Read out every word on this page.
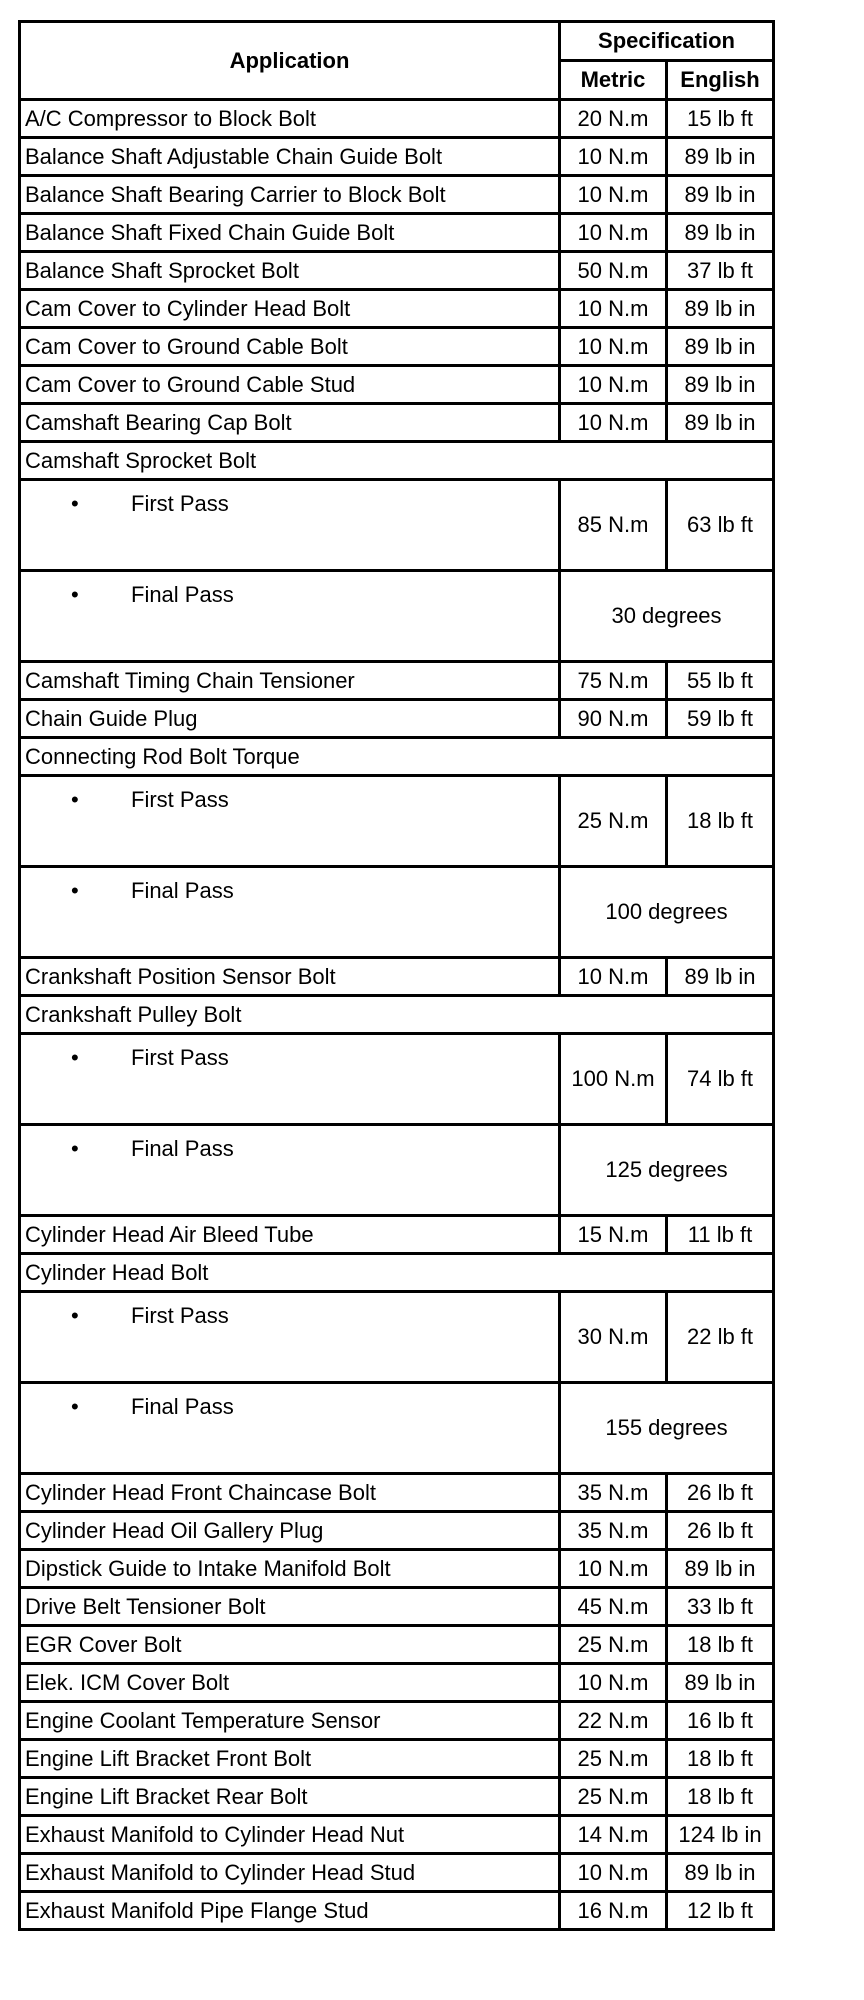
Application	Specification	
	Metric	English
A/C Compressor to Block Bolt	20 N.m	15 lb ft
Balance Shaft Adjustable Chain Guide Bolt	10 N.m	89 lb in
Balance Shaft Bearing Carrier to Block Bolt	10 N.m	89 lb in
Balance Shaft Fixed Chain Guide Bolt	10 N.m	89 lb in
Balance Shaft Sprocket Bolt	50 N.m	37 lb ft
Cam Cover to Cylinder Head Bolt	10 N.m	89 lb in
Cam Cover to Ground Cable Bolt	10 N.m	89 lb in
Cam Cover to Ground Cable Stud	10 N.m	89 lb in
Camshaft Bearing Cap Bolt	10 N.m	89 lb in
Camshaft Sprocket Bolt		
• First Pass	85 N.m	63 lb ft
• Final Pass	30 degrees	
Camshaft Timing Chain Tensioner	75 N.m	55 lb ft
Chain Guide Plug	90 N.m	59 lb ft
Connecting Rod Bolt Torque		
• First Pass	25 N.m	18 lb ft
• Final Pass	100 degrees	
Crankshaft Position Sensor Bolt	10 N.m	89 lb in
Crankshaft Pulley Bolt		
• First Pass	100 N.m	74 lb ft
• Final Pass	125 degrees	
Cylinder Head Air Bleed Tube	15 N.m	11 lb ft
Cylinder Head Bolt		
• First Pass	30 N.m	22 lb ft
• Final Pass	155 degrees	
Cylinder Head Front Chaincase Bolt	35 N.m	26 lb ft
Cylinder Head Oil Gallery Plug	35 N.m	26 lb ft
Dipstick Guide to Intake Manifold Bolt	10 N.m	89 lb in
Drive Belt Tensioner Bolt	45 N.m	33 lb ft
EGR Cover Bolt	25 N.m	18 lb ft
Elek. ICM Cover Bolt	10 N.m	89 lb in
Engine Coolant Temperature Sensor	22 N.m	16 lb ft
Engine Lift Bracket Front Bolt	25 N.m	18 lb ft
Engine Lift Bracket Rear Bolt	25 N.m	18 lb ft
Exhaust Manifold to Cylinder Head Nut	14 N.m	124 lb in
Exhaust Manifold to Cylinder Head Stud	10 N.m	89 lb in
Exhaust Manifold Pipe Flange Stud	16 N.m	12 lb ft
